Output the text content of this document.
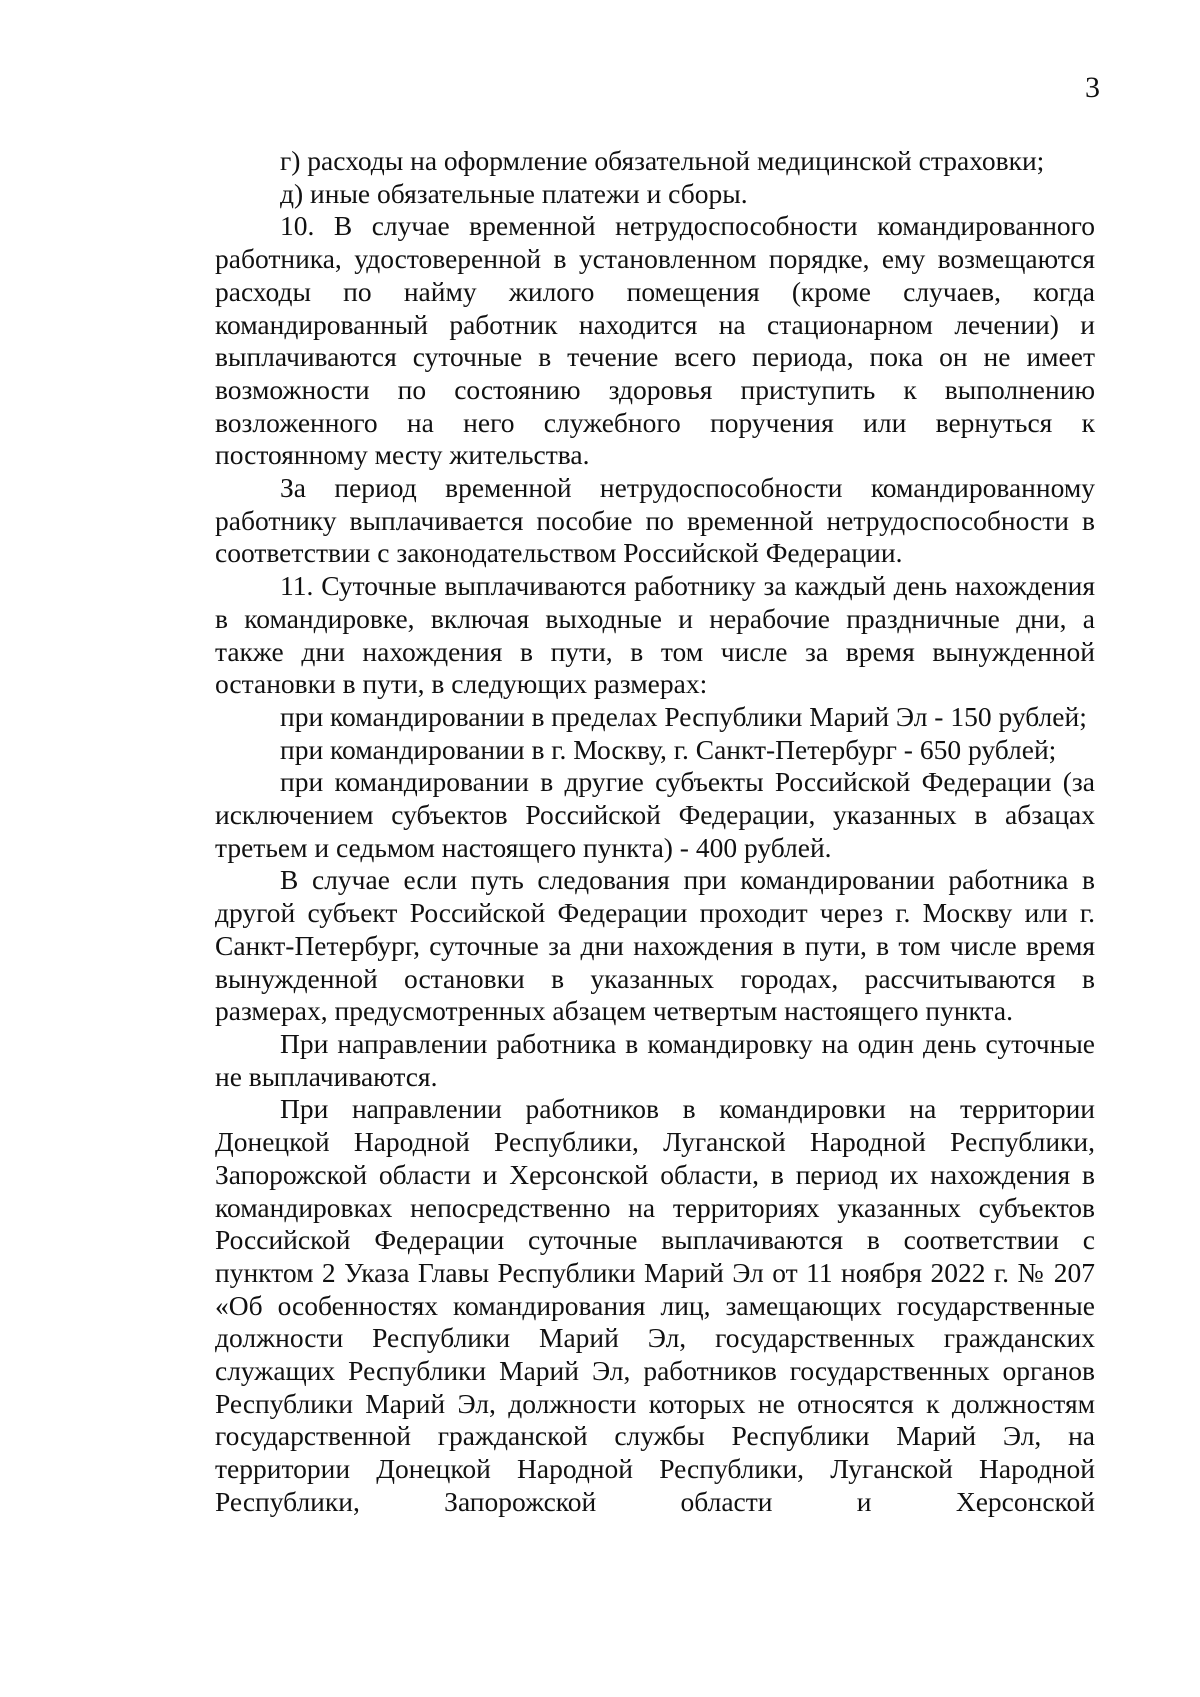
3

г) расходы на оформление обязательной медицинской страховки;

д) иные обязательные платежи и сборы.

10. В случае временной нетрудоспособности командированного работника, удостоверенной в установленном порядке, ему возмещаются расходы по найму жилого помещения (кроме случаев, когда командированный работник находится на стационарном лечении) и выплачиваются суточные в течение всего периода, пока он не имеет возможности по состоянию здоровья приступить к выполнению возложенного на него служебного поручения или вернуться к постоянному месту жительства.

За период временной нетрудоспособности командированному работнику выплачивается пособие по временной нетрудоспособности в соответствии с законодательством Российской Федерации.

11. Суточные выплачиваются работнику за каждый день нахождения в командировке, включая выходные и нерабочие праздничные дни, а также дни нахождения в пути, в том числе за время вынужденной остановки в пути, в следующих размерах:

при командировании в пределах Республики Марий Эл - 150 рублей;

при командировании в г. Москву, г. Санкт-Петербург - 650 рублей;

при командировании в другие субъекты Российской Федерации (за исключением субъектов Российской Федерации, указанных в абзацах третьем и седьмом настоящего пункта) - 400 рублей.

В случае если путь следования при командировании работника в другой субъект Российской Федерации проходит через г. Москву или г. Санкт-Петербург, суточные за дни нахождения в пути, в том числе время вынужденной остановки в указанных городах, рассчитываются в размерах, предусмотренных абзацем четвертым настоящего пункта.

При направлении работника в командировку на один день суточные не выплачиваются.

При направлении работников в командировки на территории Донецкой Народной Республики, Луганской Народной Республики, Запорожской области и Херсонской области, в период их нахождения в командировках непосредственно на территориях указанных субъектов Российской Федерации суточные выплачиваются в соответствии с пунктом 2 Указа Главы Республики Марий Эл от 11 ноября 2022 г. № 207 «Об особенностях командирования лиц, замещающих государственные должности Республики Марий Эл, государственных гражданских служащих Республики Марий Эл, работников государственных органов Республики Марий Эл, должности которых не относятся к должностям государственной гражданской службы Республики Марий Эл, на территории Донецкой Народной Республики, Луганской Народной Республики, Запорожской области и Херсонской
